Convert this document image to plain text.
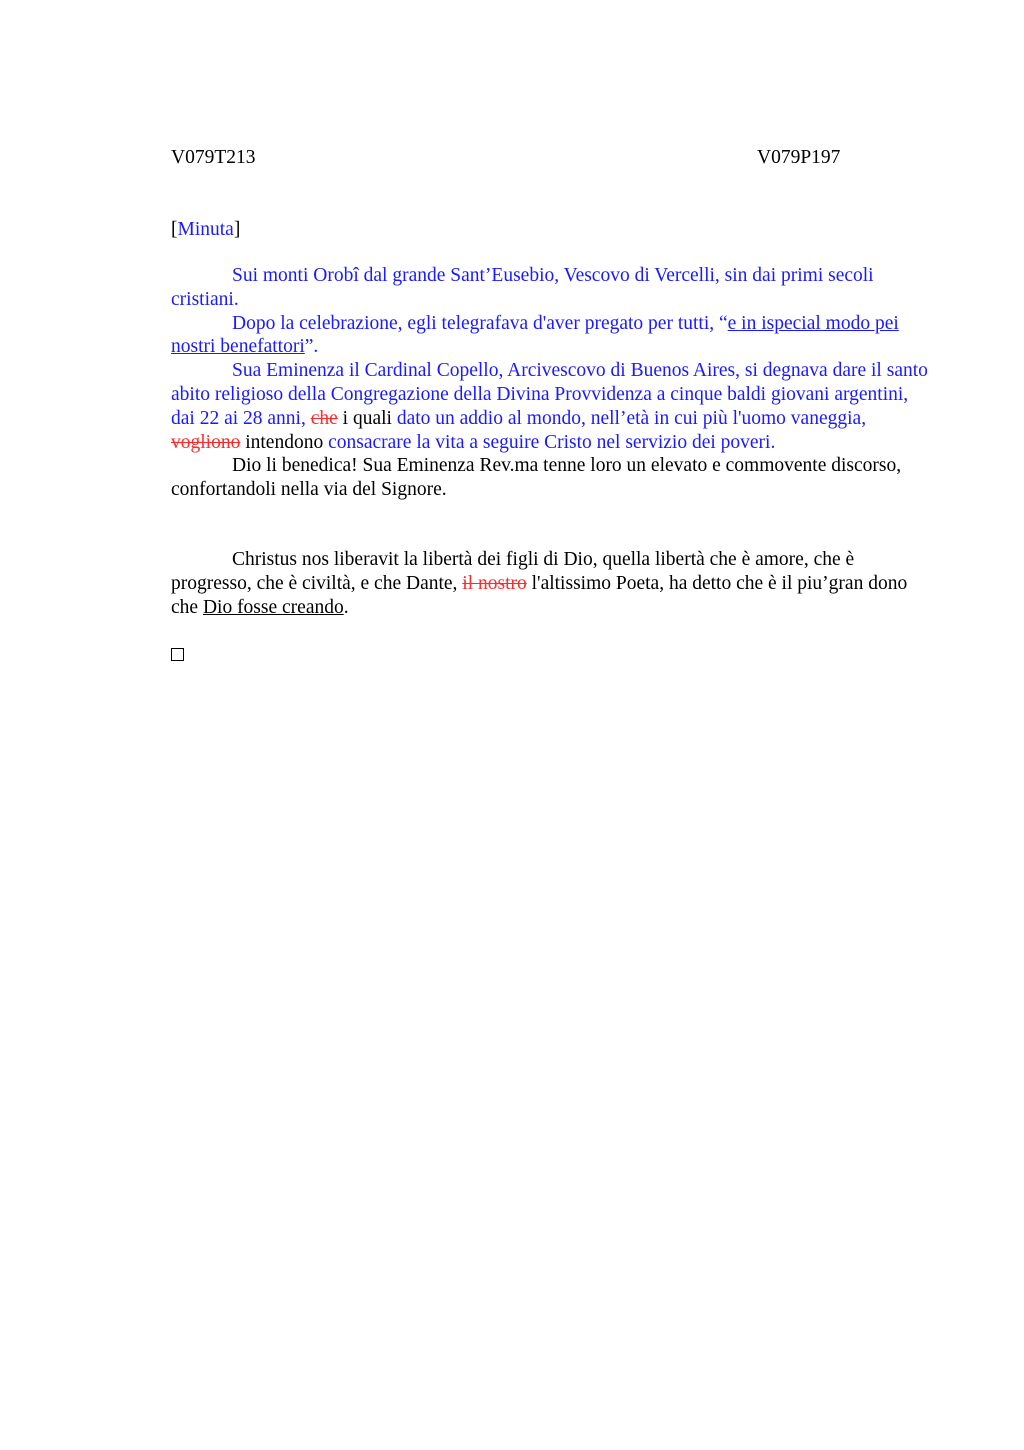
V079T213	V079P197
[Minuta]

Sui monti Orobî dal grande Sant’Eusebio, Vescovo di Vercelli, sin dai primi secoli cristiani.

Dopo la celebrazione, egli telegrafava d'aver pregato per tutti, “e in ispecial modo pei nostri benefattori”.

Sua Eminenza il Cardinal Copello, Arcivescovo di Buenos Aires, si degnava dare il santo abito religioso della Congregazione della Divina Provvidenza a cinque baldi giovani argentini, dai 22 ai 28 anni, che i quali dato un addio al mondo, nell’età in cui più l'uomo vaneggia, vogliono intendono consacrare la vita a seguire Cristo nel servizio dei poveri.

Dio li benedica! Sua Eminenza Rev.ma tenne loro un elevato e commovente discorso, confortandoli nella via del Signore.

Christus nos liberavit la libertà dei figli di Dio, quella libertà che è amore, che è progresso, che è civiltà, e che Dante, il nostro l'altissimo Poeta, ha detto che è il piu’gran dono che Dio fosse creando.
